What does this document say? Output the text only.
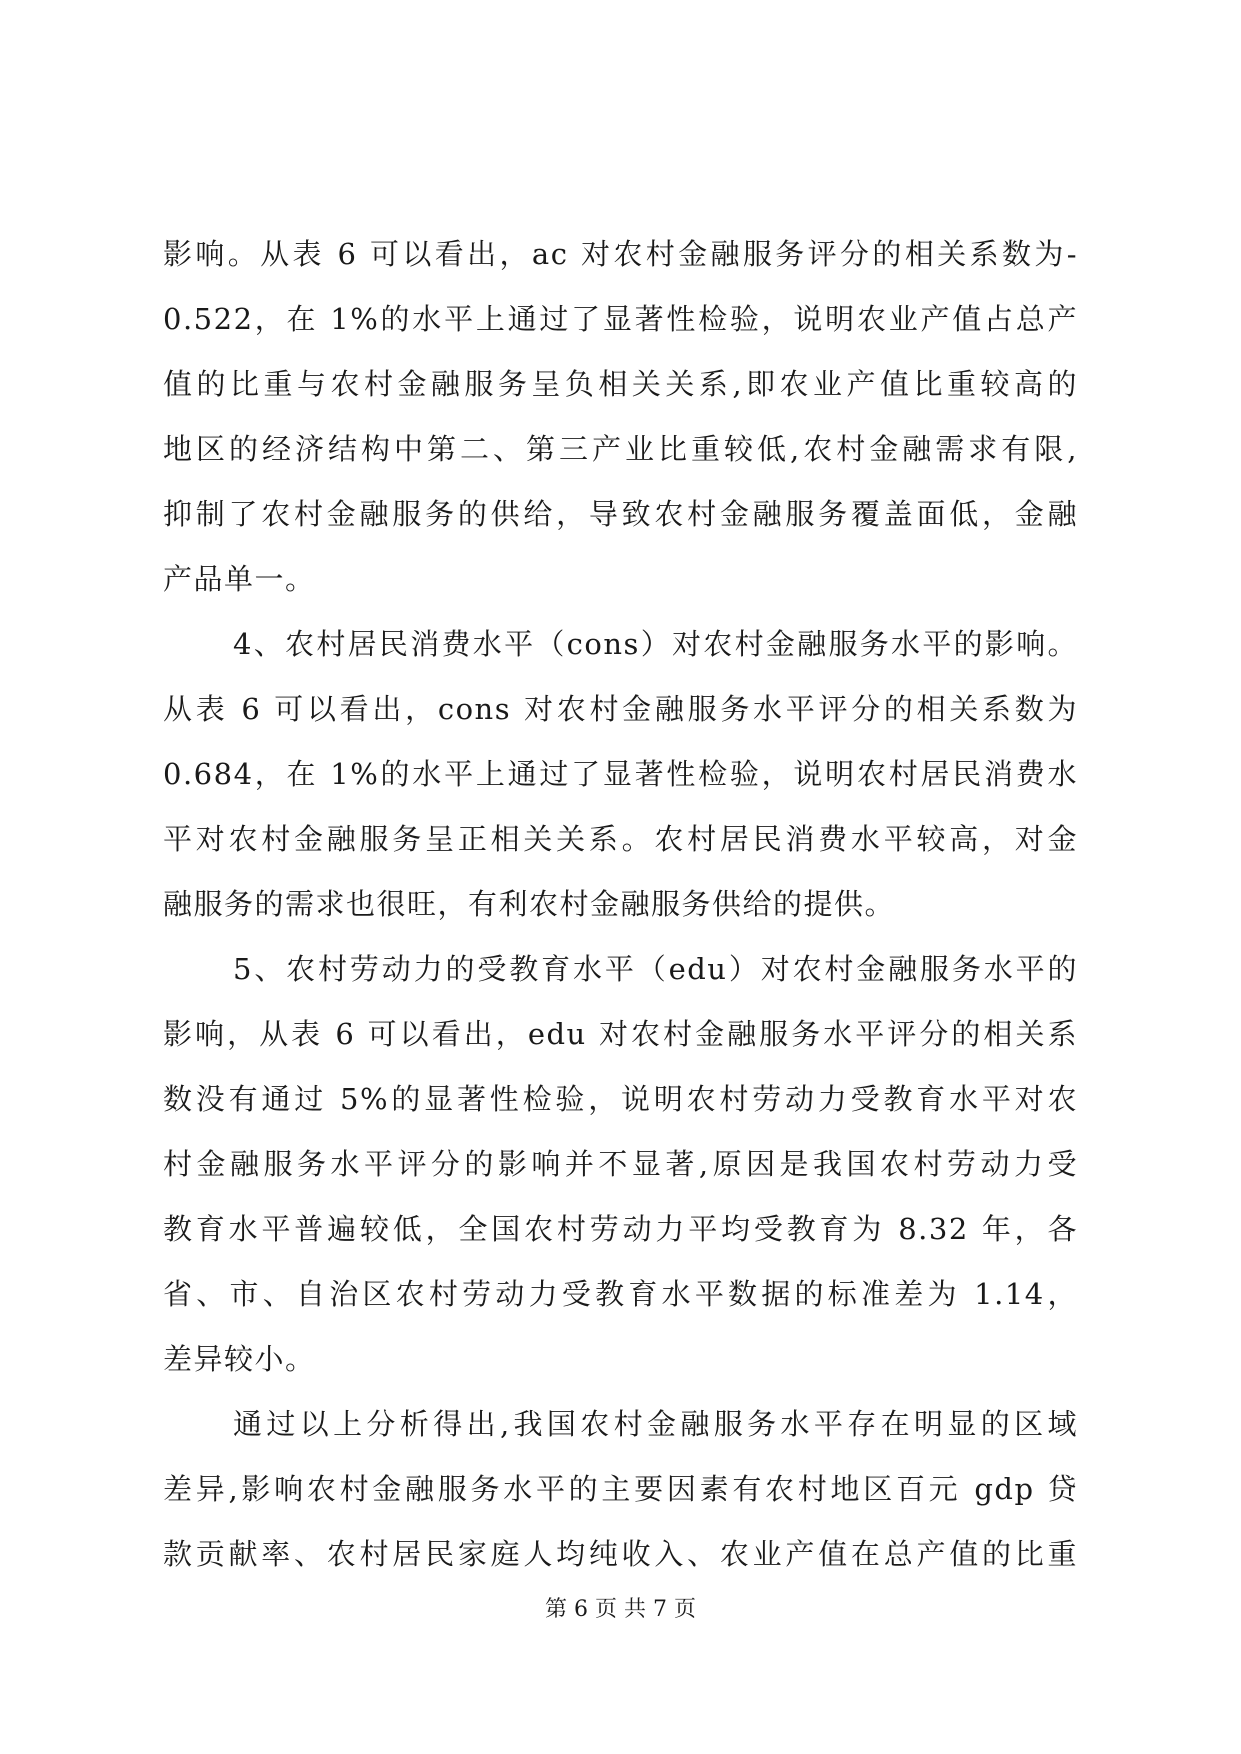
影响。从表 6 可以看出，ac 对农村金融服务评分的相关系数为-
0.522，在 1%的水平上通过了显著性检验，说明农业产值占总产
值的比重与农村金融服务呈负相关关系,即农业产值比重较高的
地区的经济结构中第二、第三产业比重较低,农村金融需求有限,
抑制了农村金融服务的供给，导致农村金融服务覆盖面低，金融
产品单一。
4、农村居民消费水平（cons）对农村金融服务水平的影响。
从表 6 可以看出，cons 对农村金融服务水平评分的相关系数为
0.684，在 1%的水平上通过了显著性检验，说明农村居民消费水
平对农村金融服务呈正相关关系。农村居民消费水平较高，对金
融服务的需求也很旺，有利农村金融服务供给的提供。
5、农村劳动力的受教育水平（edu）对农村金融服务水平的
影响，从表 6 可以看出，edu 对农村金融服务水平评分的相关系
数没有通过 5%的显著性检验，说明农村劳动力受教育水平对农
村金融服务水平评分的影响并不显著,原因是我国农村劳动力受
教育水平普遍较低，全国农村劳动力平均受教育为 8.32 年，各
省、市、自治区农村劳动力受教育水平数据的标准差为 1.14，
差异较小。
通过以上分析得出,我国农村金融服务水平存在明显的区域
差异,影响农村金融服务水平的主要因素有农村地区百元 gdp 贷
款贡献率、农村居民家庭人均纯收入、农业产值在总产值的比重
第 6 页 共 7 页
